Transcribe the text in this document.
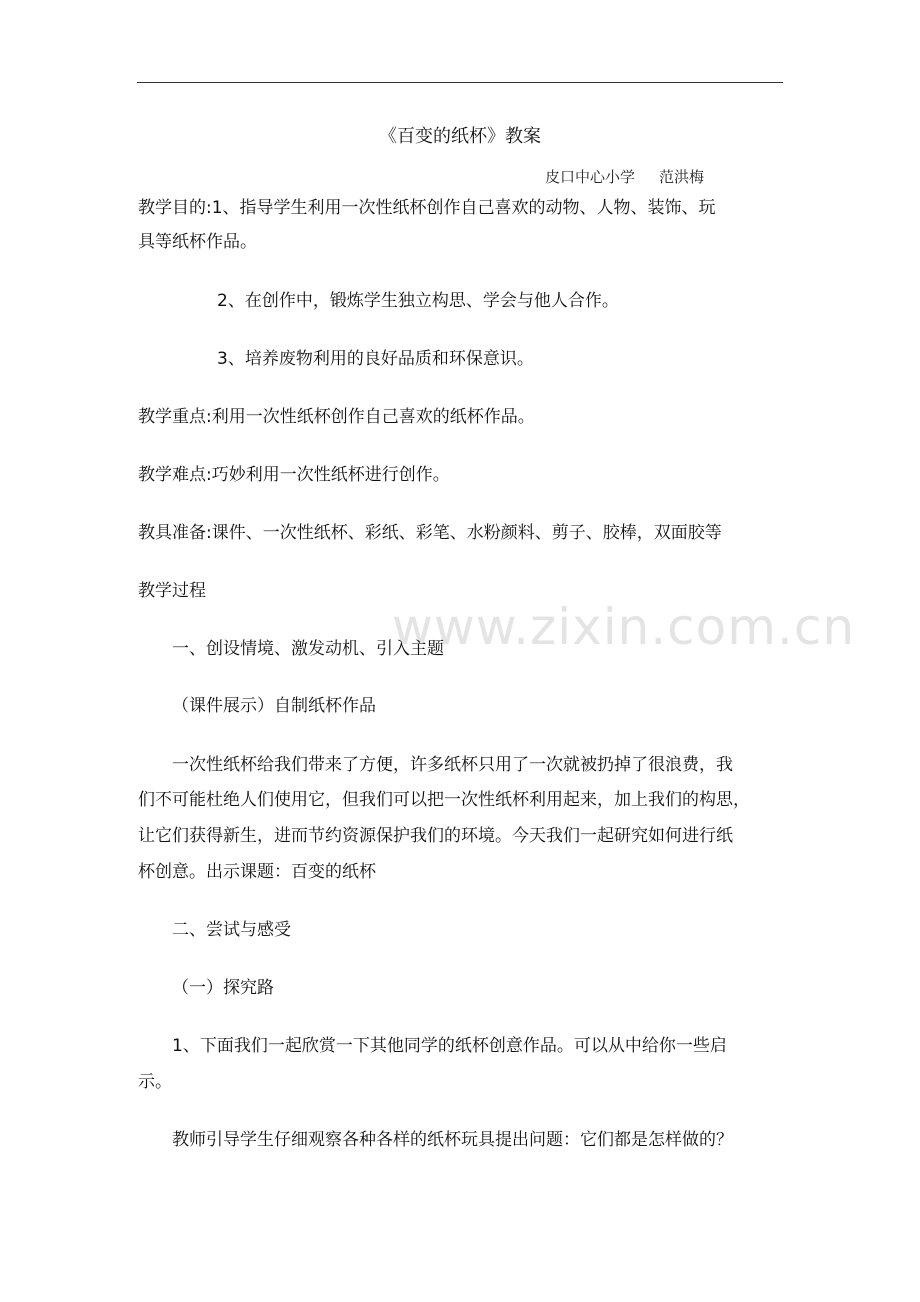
www.zixin.com.cn
《百变的纸杯》教案
皮口中心小学 范洪梅
教学目的:1、指导学生利用一次性纸杯创作自己喜欢的动物、人物、装饰、玩
具等纸杯作品。
2、在创作中，锻炼学生独立构思、学会与他人合作。
3、培养废物利用的良好品质和环保意识。
教学重点:利用一次性纸杯创作自己喜欢的纸杯作品。
教学难点:巧妙利用一次性纸杯进行创作。
教具准备:课件、一次性纸杯、彩纸、彩笔、水粉颜料、剪子、胶棒，双面胶等
教学过程
一、创设情境、激发动机、引入主题
（课件展示）自制纸杯作品
一次性纸杯给我们带来了方便，许多纸杯只用了一次就被扔掉了很浪费，我
们不可能杜绝人们使用它，但我们可以把一次性纸杯利用起来，加上我们的构思，
让它们获得新生，进而节约资源保护我们的环境。今天我们一起研究如何进行纸
杯创意。出示课题：百变的纸杯
二、尝试与感受
（一）探究路
1、下面我们一起欣赏一下其他同学的纸杯创意作品。可以从中给你一些启
示。
教师引导学生仔细观察各种各样的纸杯玩具提出问题：它们都是怎样做的？
